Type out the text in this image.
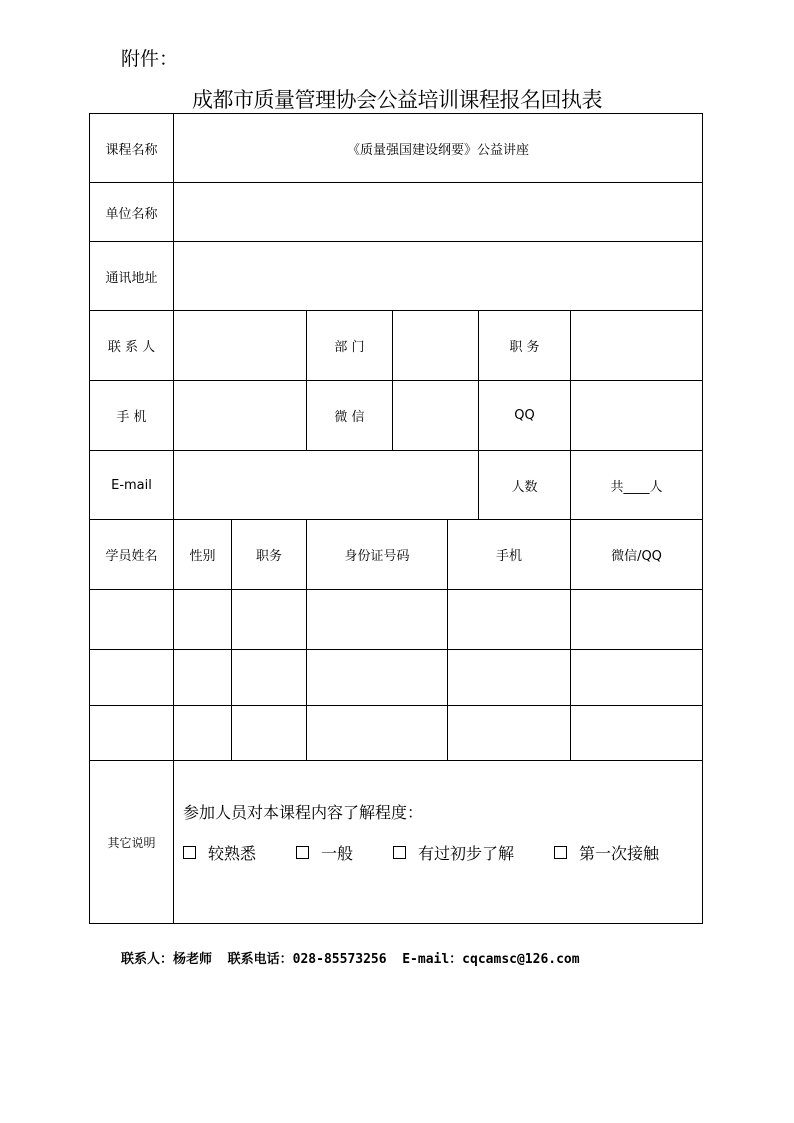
附件：
成都市质量管理协会公益培训课程报名回执表
课程名称	《质量强国建设纲要》公益讲座
单位名称
通讯地址
联 系 人	部 门	职 务
手 机	微 信	QQ
E-mail	人数	共____人
学员姓名	性别	职务	身份证号码	手机	微信/QQ
其它说明
参加人员对本课程内容了解程度：
较熟悉	一般	有过初步了解	第一次接触
联系人：杨老师  联系电话：028-85573256  E-mail：cqcamsc@126.com
